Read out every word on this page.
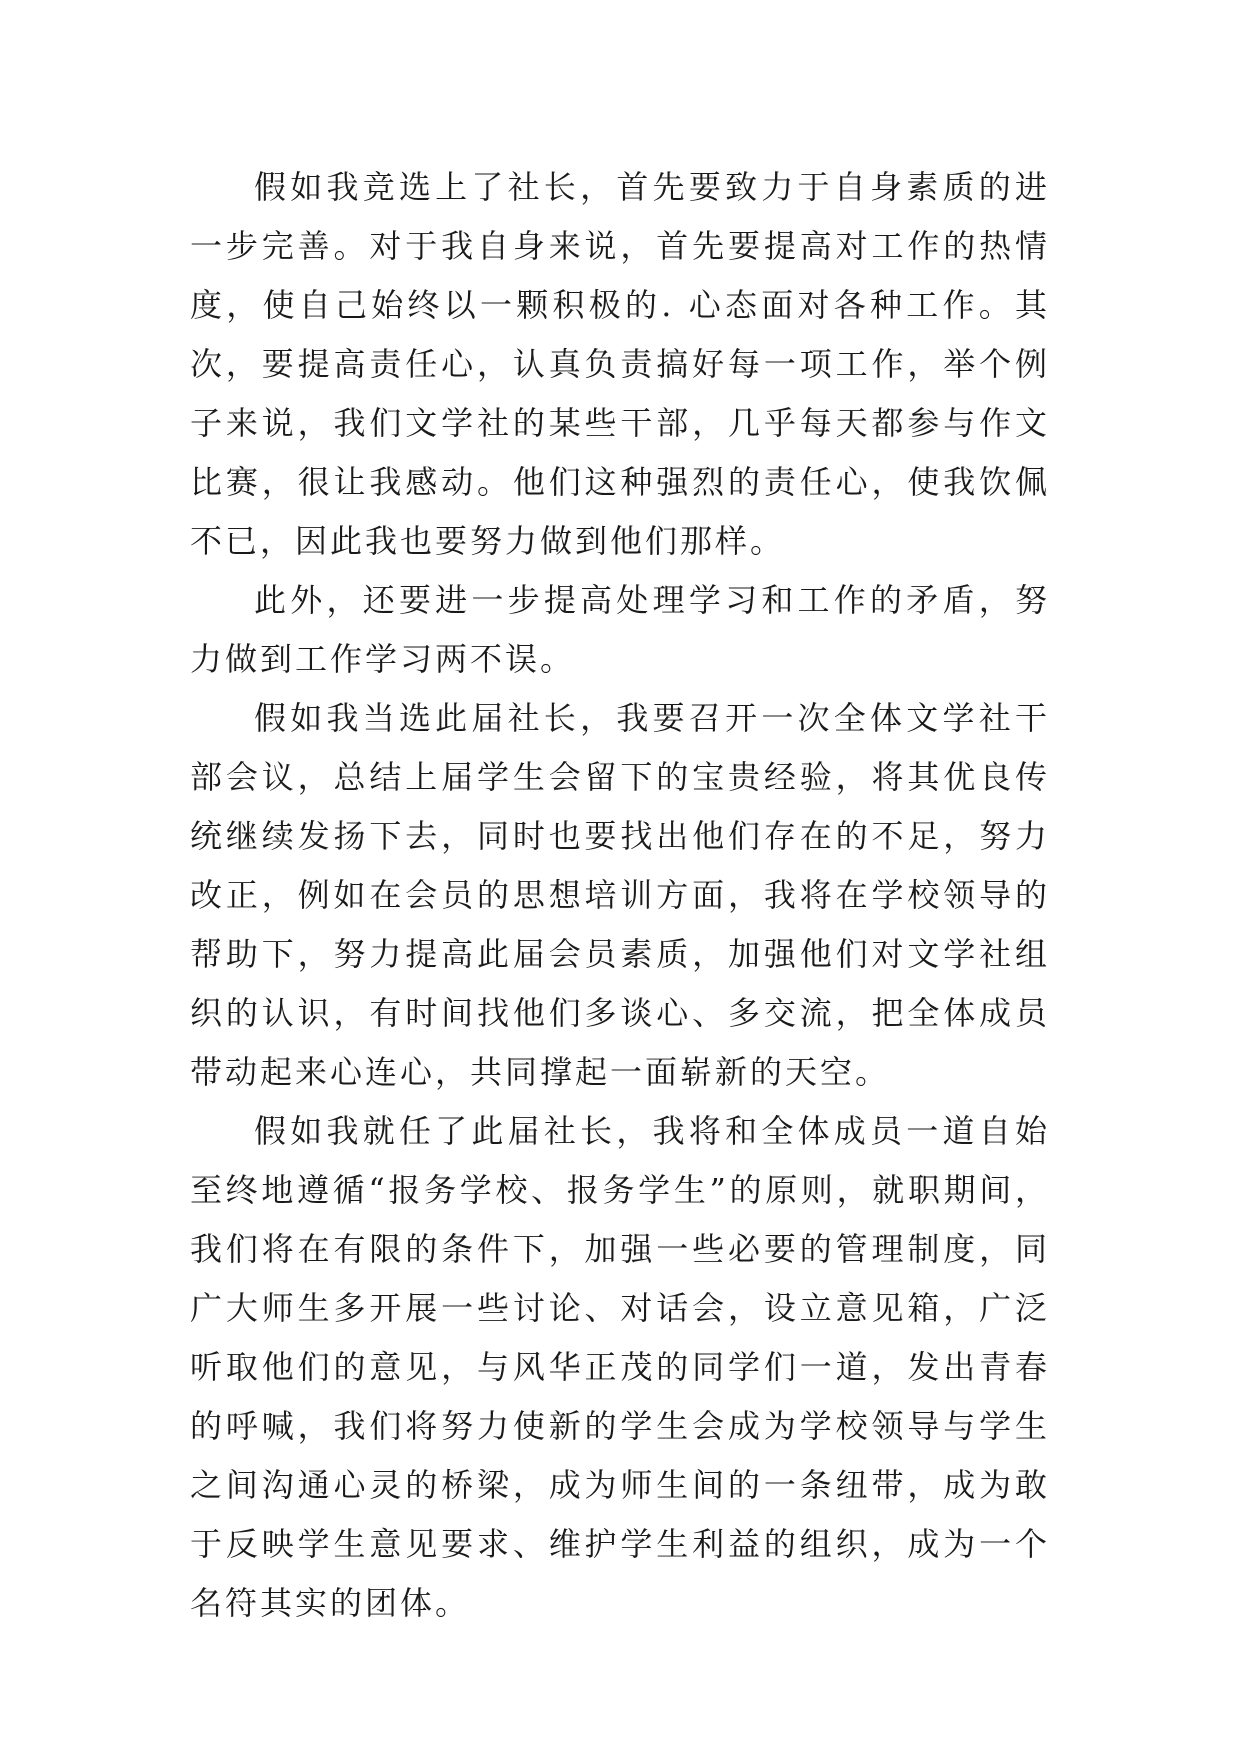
假如我竞选上了社长，首先要致力于自身素质的进一步完善。对于我自身来说，首先要提高对工作的热情度，使自己始终以一颗积极的. 心态面对各种工作。其次，要提高责任心，认真负责搞好每一项工作，举个例子来说，我们文学社的某些干部，几乎每天都参与作文比赛，很让我感动。他们这种强烈的责任心，使我饮佩不已，因此我也要努力做到他们那样。

此外，还要进一步提高处理学习和工作的矛盾，努力做到工作学习两不误。

假如我当选此届社长，我要召开一次全体文学社干部会议，总结上届学生会留下的宝贵经验，将其优良传统继续发扬下去，同时也要找出他们存在的不足，努力改正，例如在会员的思想培训方面，我将在学校领导的帮助下，努力提高此届会员素质，加强他们对文学社组织的认识，有时间找他们多谈心、多交流，把全体成员带动起来心连心，共同撑起一面崭新的天空。

假如我就任了此届社长，我将和全体成员一道自始至终地遵循“报务学校、报务学生”的原则，就职期间，我们将在有限的条件下，加强一些必要的管理制度，同广大师生多开展一些讨论、对话会，设立意见箱，广泛听取他们的意见，与风华正茂的同学们一道，发出青春的呼喊，我们将努力使新的学生会成为学校领导与学生之间沟通心灵的桥梁，成为师生间的一条纽带，成为敢于反映学生意见要求、维护学生利益的组织，成为一个名符其实的团体。
